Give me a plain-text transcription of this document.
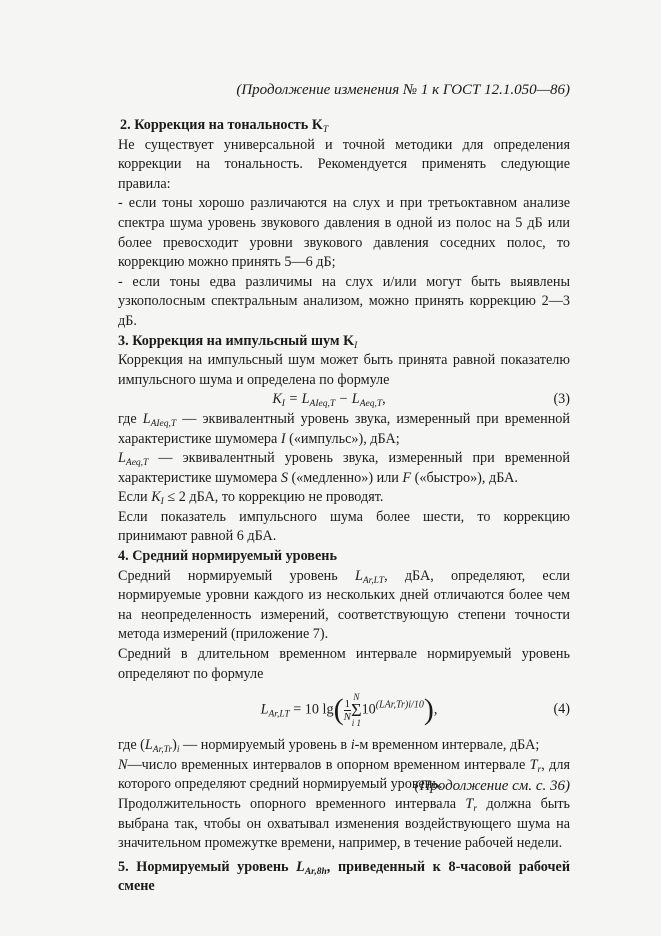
(Продолжение изменения № 1 к ГОСТ 12.1.050—86)

2. Коррекция на тональность $K_T$

Не существует универсальной и точной методики для определения коррекции на тональность. Рекомендуется применять следующие правила:

- если тоны хорошо различаются на слух и при третьоктавном анализе спектра шума уровень звукового давления в одной из полос на 5 дБ или более превосходит уровни звукового давления соседних полос, то коррекцию можно принять 5—6 дБ;

- если тоны едва различимы на слух и/или могут быть выявлены узкополосным спектральным анализом, можно принять коррекцию 2—3 дБ.

3. Коррекция на импульсный шум $K_I$

Коррекция на импульсный шум может быть принята равной показателю импульсного шума и определена по формуле

$K_I = L_{AIeq,T} - L_{Aeq,T}$,	(3)

где $L_{AIeq,T}$ — эквивалентный уровень звука, измеренный при временной характеристике шумомера I («импульс»), дБА;

$L_{Aeq,T}$ — эквивалентный уровень звука, измеренный при временной характеристике шумомера S («медленно») или F («быстро»), дБА.

Если $K_I \le 2$ дБА, то коррекцию не проводят.

Если показатель импульсного шума более шести, то коррекцию принимают равной 6 дБА.

4. Средний нормируемый уровень

Средний нормируемый уровень $L_{Ar,LT}$, дБА, определяют, если нормируемые уровни каждого из нескольких дней отличаются более чем на неопределенность измерений, соответствующую степени точности метода измерений (приложение 7).

Средний в длительном временном интервале нормируемый уровень определяют по формуле

$L_{Ar,LT} = 10$ $\lg( \frac{1}{N}$
N
Σ
i 1
$10^{(LAr,Tr)i/10}$),	(4)

где $(L_{Ar,Tr})_i$ — нормируемый уровень в i-м временном интервале, дБА;

N—число временных интервалов в опорном временном интервале $T_r$, для которого определяют средний нормируемый уровень.

Продолжительность опорного временного интервала $T_r$ должна быть выбрана так, чтобы он охватывал изменения воздействующего шума на значительном промежутке времени, например, в течение рабочей недели.

5. Нормируемый уровень $L_{Ar,8h}$, приведенный к 8-часовой рабочей смене

(Продолжение см. с. 36)
